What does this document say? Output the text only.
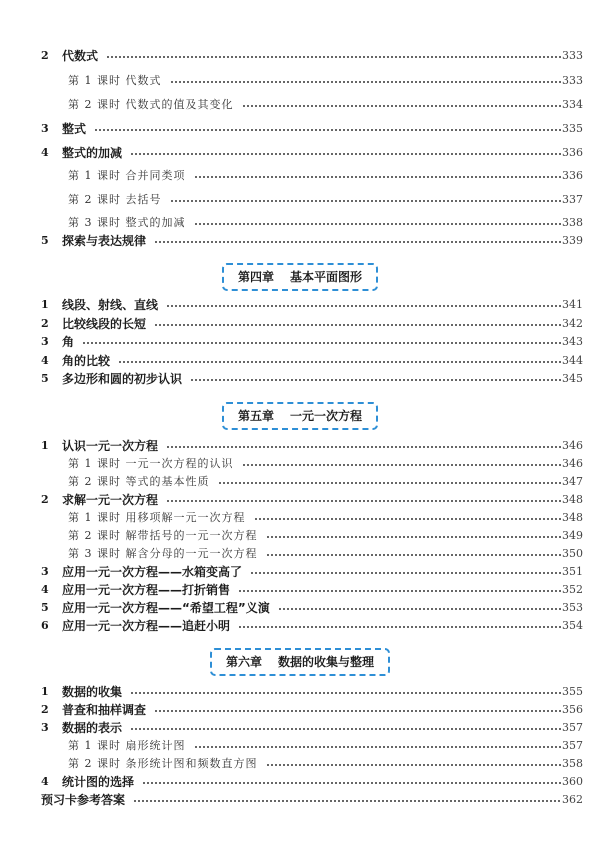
2 代数式	333
第 1 课时 代数式	333
第 2 课时 代数式的值及其变化	334
3 整式	335
4 整式的加减	336
第 1 课时 合并同类项	336
第 2 课时 去括号	337
第 3 课时 整式的加减	338
5 探索与表达规律	339
1 线段、射线、直线	341
2 比较线段的长短	342
3 角	343
4 角的比较	344
5 多边形和圆的初步认识	345
1 认识一元一次方程	346
第 1 课时 一元一次方程的认识	346
第 2 课时 等式的基本性质	347
2 求解一元一次方程	348
第 1 课时 用移项解一元一次方程	348
第 2 课时 解带括号的一元一次方程	349
第 3 课时 解含分母的一元一次方程	350
3 应用一元一次方程——水箱变高了	351
4 应用一元一次方程——打折销售	352
5 应用一元一次方程——“希望工程”义演	353
6 应用一元一次方程——追赶小明	354
1 数据的收集	355
2 普查和抽样调查	356
3 数据的表示	357
第 1 课时 扇形统计图	357
第 2 课时 条形统计图和频数直方图	358
4 统计图的选择	360
预习卡参考答案	362
第四章 基本平面图形
第五章 一元一次方程
第六章 数据的收集与整理
